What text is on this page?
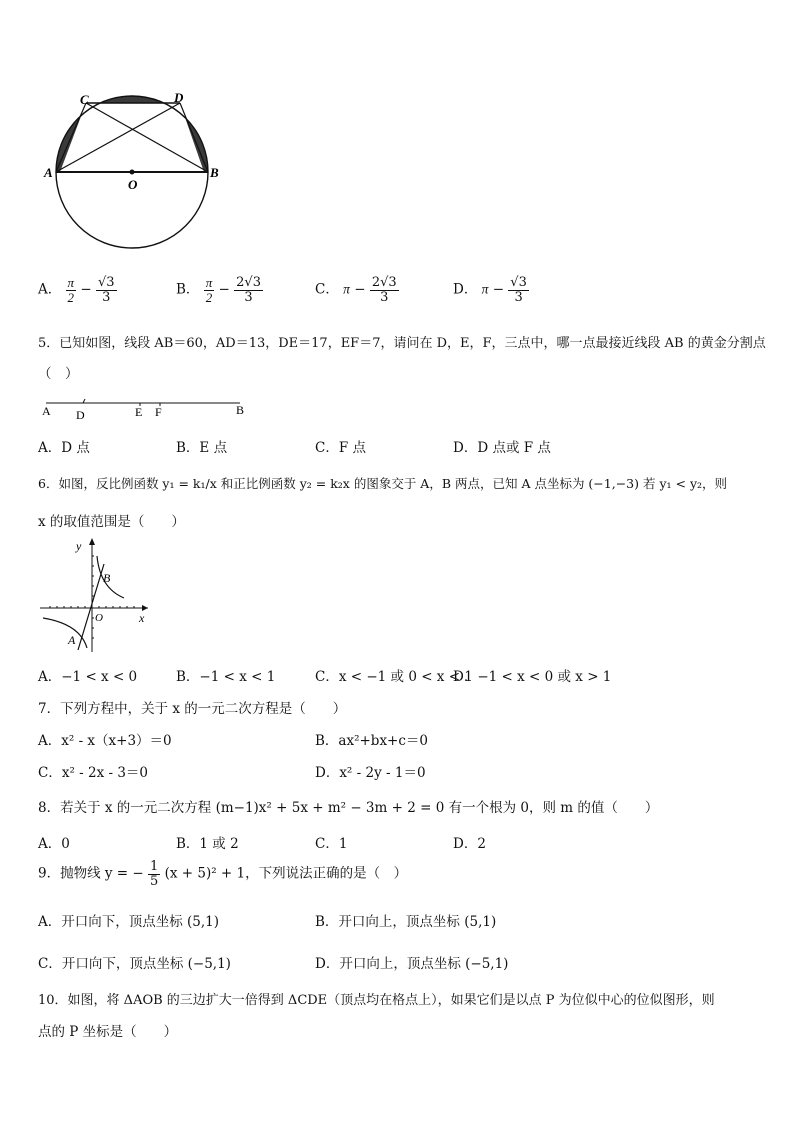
C	D
A	B
O
A． $\frac{\pi}{2} - \frac{√3}{3}$	B． $\frac{\pi}{2} - \frac{2√3}{3}$	C． $\pi - \frac{2√3}{3}$	D． $\pi - \frac{√3}{3}$
5．已知如图，线段 AB＝60，AD＝13，DE＝17，EF＝7，请问在 D，E，F，三点中，哪一点最接近线段 AB 的黄金分割点
（　）
A D	E F	B
A．D 点	B．E 点	C．F 点	D．D 点或 F 点
6．如图，反比例函数 y₁ = k₁/x 和正比例函数 y₂ = k₂x 的图象交于 A，B 两点，已知 A 点坐标为 (−1,−3) 若 y₁ < y₂，则
x 的取值范围是（　　）
y
x
O
A
B
A．−1 < x < 0	B．−1 < x < 1	C．x < −1 或 0 < x < 1
D．−1 < x < 0 或 x > 1
7．下列方程中，关于 x 的一元二次方程是（　　）
A．x² - x（x+3）＝0	B．ax²+bx+c＝0
C．x² - 2x - 3＝0	D．x² - 2y - 1＝0
8．若关于 x 的一元二次方程 (m−1)x² + 5x + m² − 3m + 2 = 0 有一个根为 0，则 m 的值（　　）
A．0	B．1 或 2	C．1	D．2
9．抛物线 y = − $\frac{1}{5} (x + 5)^2 + 1$，下列说法正确的是（　）
A．开口向下，顶点坐标 (5,1)	B．开口向上，顶点坐标 (5,1)
C．开口向下，顶点坐标 (−5,1)	D．开口向上，顶点坐标 (−5,1)
10．如图，将 ΔAOB 的三边扩大一倍得到 ΔCDE（顶点均在格点上），如果它们是以点 P 为位似中心的位似图形，则
点的 P 坐标是（　　）
